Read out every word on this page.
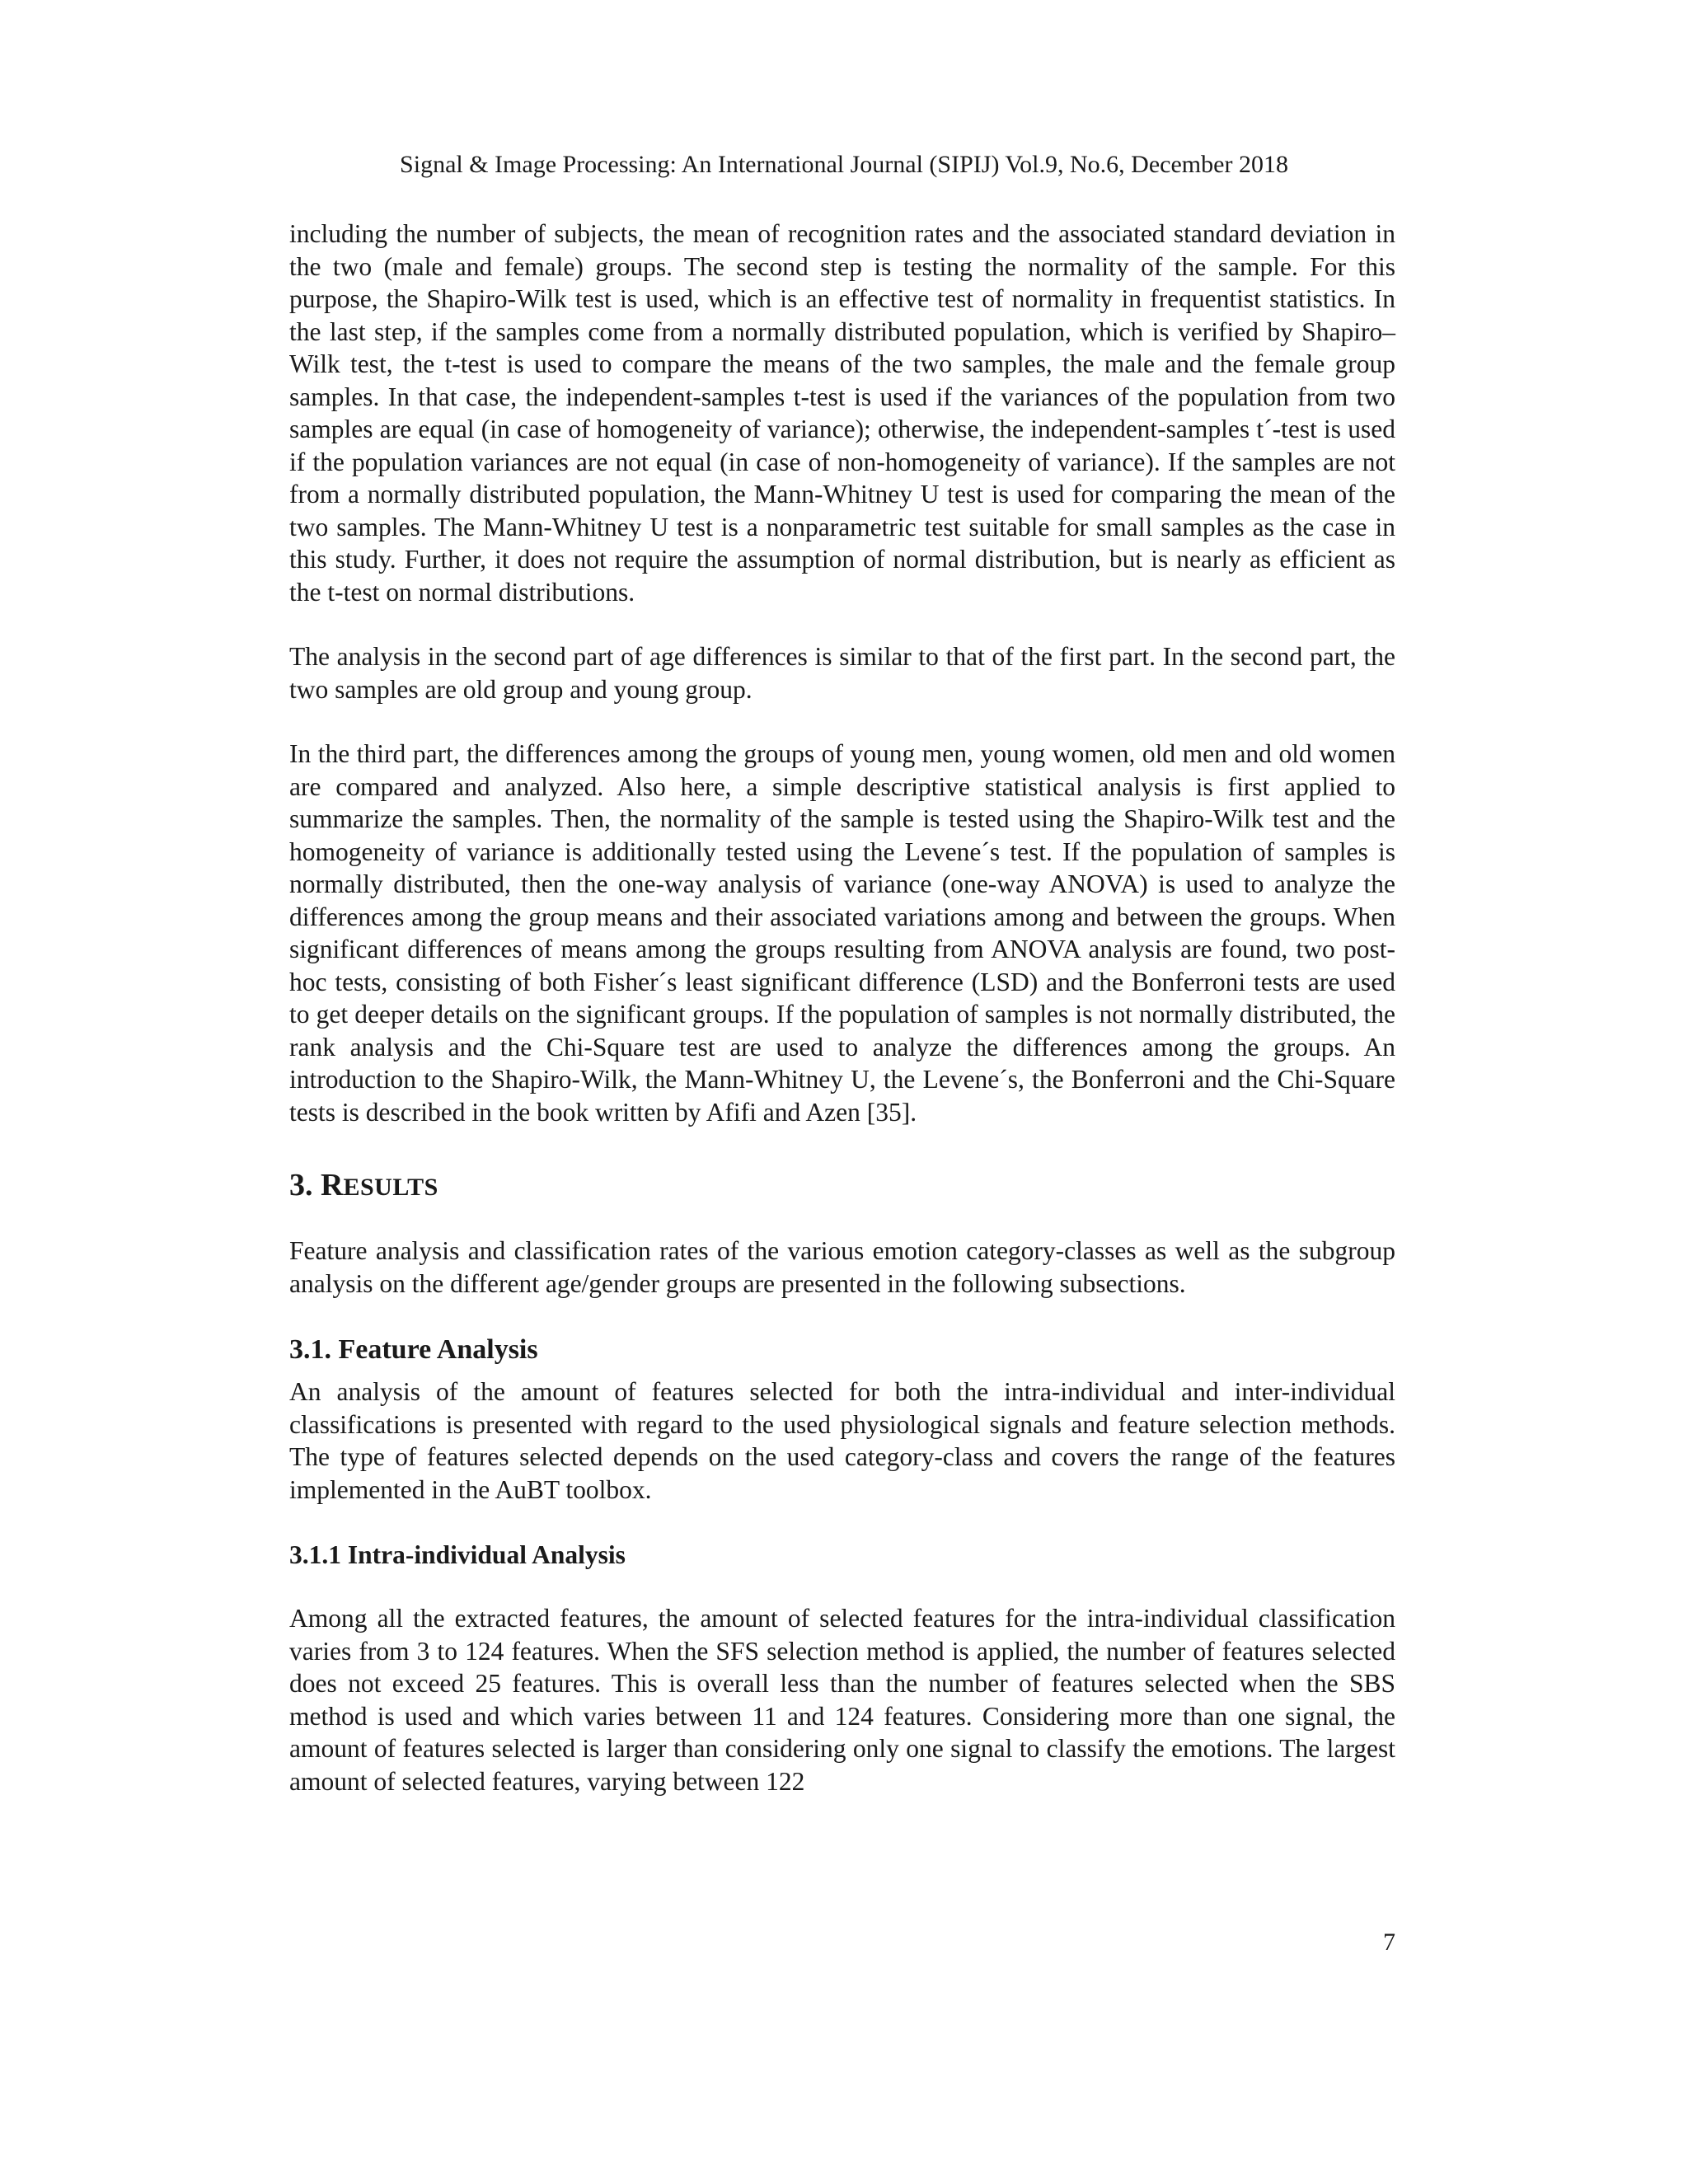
Signal & Image Processing: An International Journal (SIPIJ) Vol.9, No.6, December 2018

including the number of subjects, the mean of recognition rates and the associated standard deviation in the two (male and female) groups. The second step is testing the normality of the sample. For this purpose, the Shapiro-Wilk test is used, which is an effective test of normality in frequentist statistics. In the last step, if the samples come from a normally distributed population, which is verified by Shapiro–Wilk test, the t-test is used to compare the means of the two samples, the male and the female group samples. In that case, the independent-samples t-test is used if the variances of the population from two samples are equal (in case of homogeneity of variance); otherwise, the independent-samples t´-test is used if the population variances are not equal (in case of non-homogeneity of variance). If the samples are not from a normally distributed population, the Mann-Whitney U test is used for comparing the mean of the two samples. The Mann-Whitney U test is a nonparametric test suitable for small samples as the case in this study. Further, it does not require the assumption of normal distribution, but is nearly as efficient as the t-test on normal distributions.

The analysis in the second part of age differences is similar to that of the first part. In the second part, the two samples are old group and young group.

In the third part, the differences among the groups of young men, young women, old men and old women are compared and analyzed. Also here, a simple descriptive statistical analysis is first applied to summarize the samples. Then, the normality of the sample is tested using the Shapiro-Wilk test and the homogeneity of variance is additionally tested using the Levene´s test. If the population of samples is normally distributed, then the one-way analysis of variance (one-way ANOVA) is used to analyze the differences among the group means and their associated variations among and between the groups. When significant differences of means among the groups resulting from ANOVA analysis are found, two post-hoc tests, consisting of both Fisher´s least significant difference (LSD) and the Bonferroni tests are used to get deeper details on the significant groups. If the population of samples is not normally distributed, the rank analysis and the Chi-Square test are used to analyze the differences among the groups. An introduction to the Shapiro-Wilk, the Mann-Whitney U, the Levene´s, the Bonferroni and the Chi-Square tests is described in the book written by Afifi and Azen [35].

3. RESULTS

Feature analysis and classification rates of the various emotion category-classes as well as the subgroup analysis on the different age/gender groups are presented in the following subsections.

3.1. Feature Analysis

An analysis of the amount of features selected for both the intra-individual and inter-individual classifications is presented with regard to the used physiological signals and feature selection methods. The type of features selected depends on the used category-class and covers the range of the features implemented in the AuBT toolbox.

3.1.1 Intra-individual Analysis

Among all the extracted features, the amount of selected features for the intra-individual classification varies from 3 to 124 features. When the SFS selection method is applied, the number of features selected does not exceed 25 features. This is overall less than the number of features selected when the SBS method is used and which varies between 11 and 124 features. Considering more than one signal, the amount of features selected is larger than considering only one signal to classify the emotions. The largest amount of selected features, varying between 122

7
